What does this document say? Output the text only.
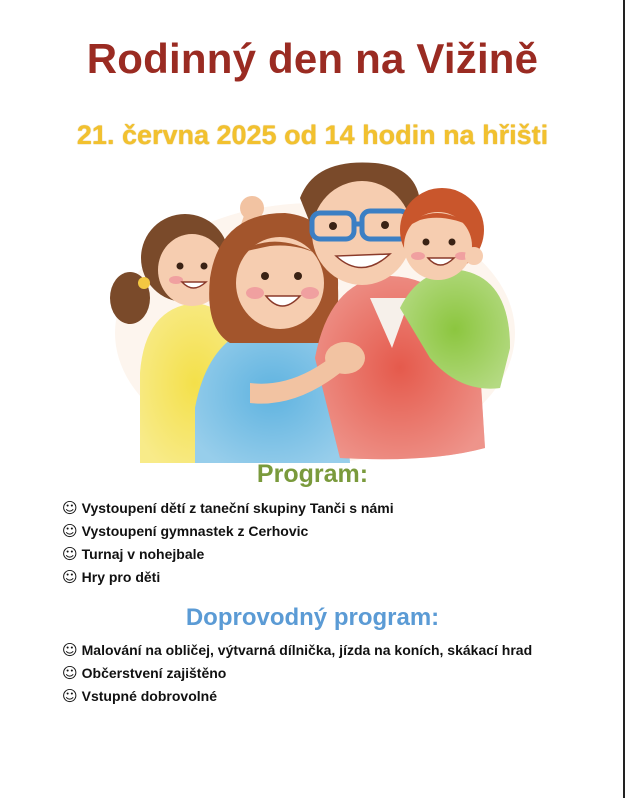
Rodinný den na Vižině
21. června 2025 od 14 hodin na hřišti
Program:
☺ Vystoupení dětí z taneční skupiny Tanči s námi
☺ Vystoupení gymnastek z Cerhovic
☺ Turnaj v nohejbale
☺ Hry pro děti
Doprovodný program:
☺ Malování na obličej, výtvarná dílnička, jízda na koních, skákací hrad
☺ Občerstvení zajištěno
☺ Vstupné dobrovolné
